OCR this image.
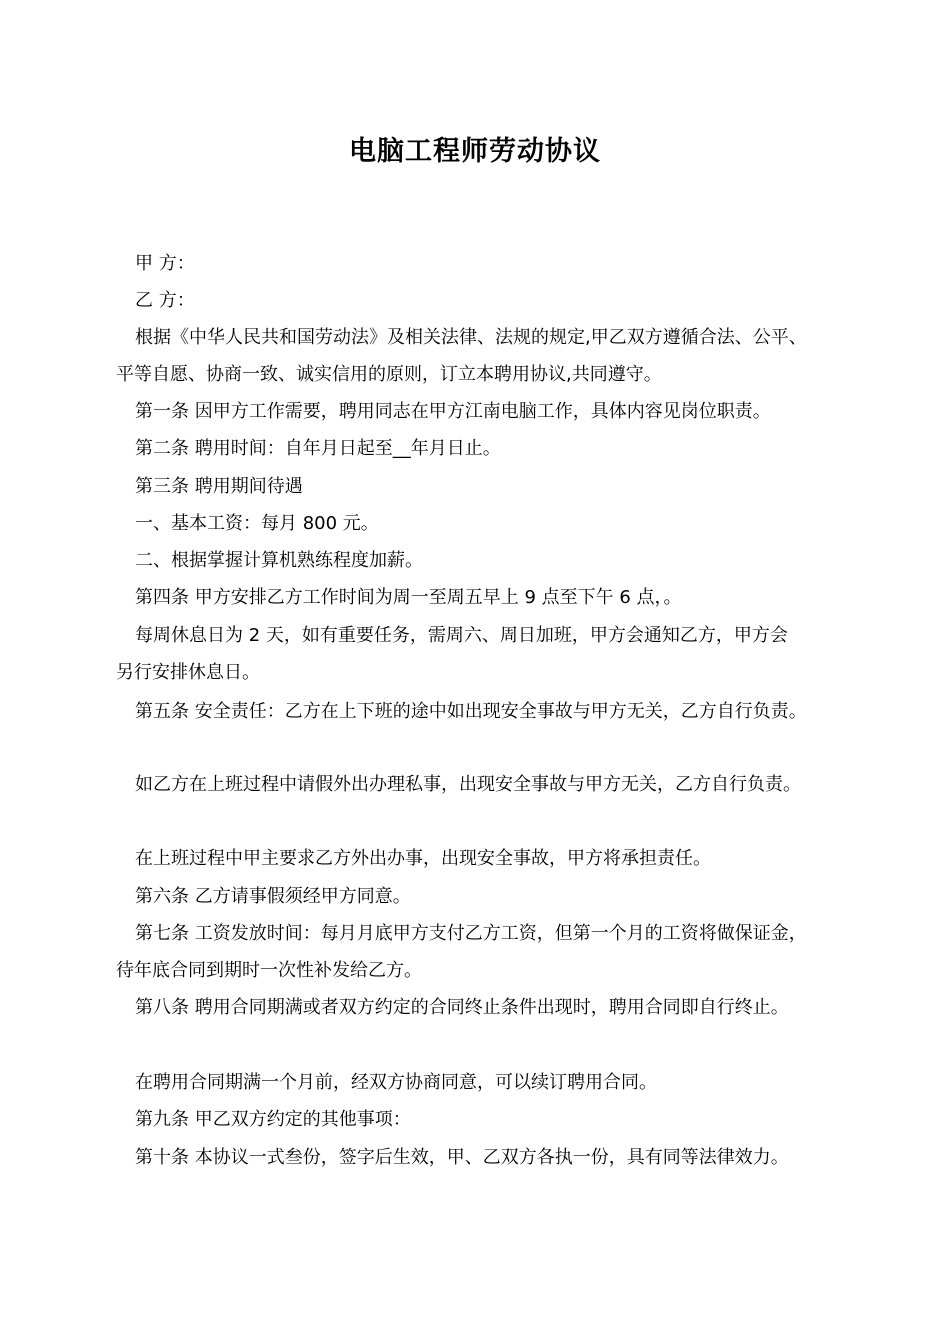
电脑工程师劳动协议
甲 方：
乙 方：
根据《中华人民共和国劳动法》及相关法律、法规的规定,甲乙双方遵循合法、公平、
平等自愿、协商一致、诚实信用的原则，订立本聘用协议,共同遵守。
第一条 因甲方工作需要，聘用同志在甲方江南电脑工作，具体内容见岗位职责。
第二条 聘用时间：自年月日起至__年月日止。
第三条 聘用期间待遇
一、基本工资：每月 800 元。
二、根据掌握计算机熟练程度加薪。
第四条 甲方安排乙方工作时间为周一至周五早上 9 点至下午 6 点，。
每周休息日为 2 天，如有重要任务，需周六、周日加班，甲方会通知乙方，甲方会
另行安排休息日。
第五条 安全责任：乙方在上下班的途中如出现安全事故与甲方无关，乙方自行负责。
如乙方在上班过程中请假外出办理私事，出现安全事故与甲方无关，乙方自行负责。
在上班过程中甲主要求乙方外出办事，出现安全事故，甲方将承担责任。
第六条 乙方请事假须经甲方同意。
第七条 工资发放时间：每月月底甲方支付乙方工资，但第一个月的工资将做保证金，
待年底合同到期时一次性补发给乙方。
第八条 聘用合同期满或者双方约定的合同终止条件出现时，聘用合同即自行终止。
在聘用合同期满一个月前，经双方协商同意，可以续订聘用合同。
第九条 甲乙双方约定的其他事项：
第十条 本协议一式叁份，签字后生效，甲、乙双方各执一份，具有同等法律效力。
